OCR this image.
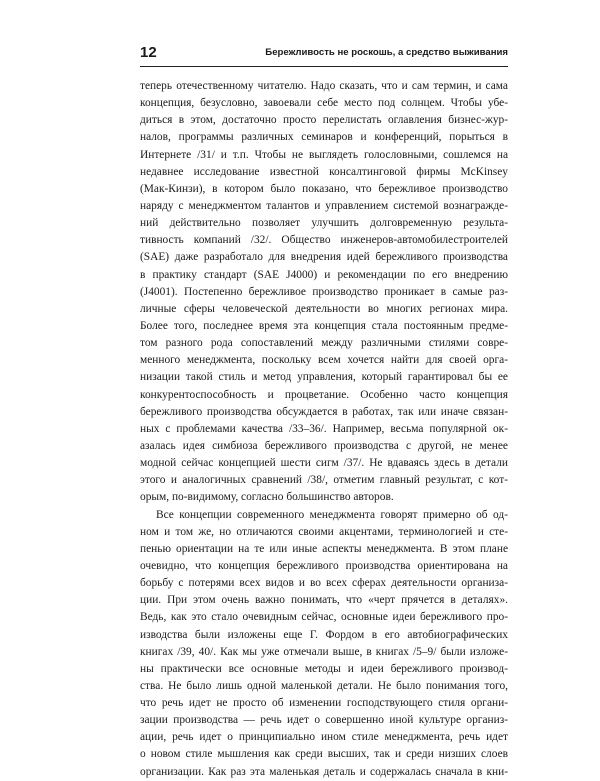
12	Бережливость не роскошь, а средство выживания
теперь отечественному читателю. Надо сказать, что и сам термин, и сама
концепция, безусловно, завоевали себе место под солнцем. Чтобы убе-
диться в этом, достаточно просто перелистать оглавления бизнес-жур-
налов, программы различных семинаров и конференций, порыться в
Интернете /31/ и т.п. Чтобы не выглядеть голословными, сошлемся на
недавнее исследование известной консалтинговой фирмы McKinsey
(Мак-Кинзи), в котором было показано, что бережливое производство
наряду с менеджментом талантов и управлением системой вознагражде-
ний действительно позволяет улучшить долговременную результа-
тивность компаний /32/. Общество инженеров-автомобилестроителей
(SAE) даже разработало для внедрения идей бережливого производства
в практику стандарт (SAE J4000) и рекомендации по его внедрению
(J4001). Постепенно бережливое производство проникает в самые раз-
личные сферы человеческой деятельности во многих регионах мира.
Более того, последнее время эта концепция стала постоянным предме-
том разного рода сопоставлений между различными стилями совре-
менного менеджмента, поскольку всем хочется найти для своей орга-
низации такой стиль и метод управления, который гарантировал бы ее
конкурентоспособность и процветание. Особенно часто концепция
бережливого производства обсуждается в работах, так или иначе связан-
ных с проблемами качества /33–36/. Например, весьма популярной ок-
азалась идея симбиоза бережливого производства с другой, не менее
модной сейчас концепцией шести сигм /37/. Не вдаваясь здесь в детали
этого и аналогичных сравнений /38/, отметим главный результат, с кот-
орым, по-видимому, согласно большинство авторов.
Все концепции современного менеджмента говорят примерно об од-
ном и том же, но отличаются своими акцентами, терминологией и сте-
пенью ориентации на те или иные аспекты менеджмента. В этом плане
очевидно, что концепция бережливого производства ориентирована на
борьбу с потерями всех видов и во всех сферах деятельности организа-
ции. При этом очень важно понимать, что «черт прячется в деталях».
Ведь, как это стало очевидным сейчас, основные идеи бережливого про-
изводства были изложены еще Г. Фордом в его автобиографических
книгах /39, 40/. Как мы уже отмечали выше, в книгах /5–9/ были изложе-
ны практически все основные методы и идеи бережливого производ-
ства. Не было лишь одной маленькой детали. Не было понимания того,
что речь идет не просто об изменении господствующего стиля органи-
зации производства — речь идет о совершенно иной культуре организ-
ации, речь идет о принципиально ином стиле менеджмента, речь идет
о новом стиле мышления как среди высших, так и среди низших слоев
организации. Как раз эта маленькая деталь и содержалась сначала в кни-
